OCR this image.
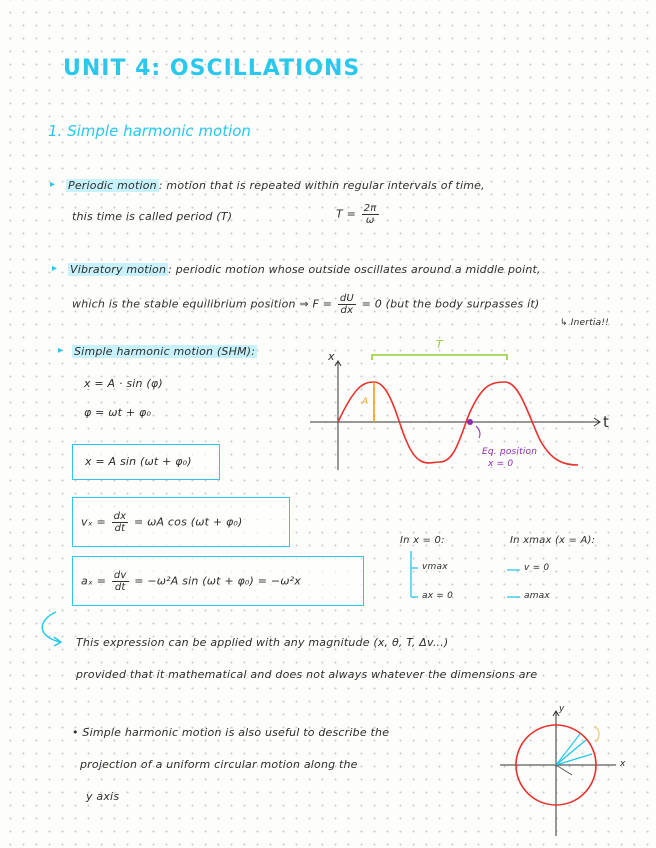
UNIT 4: OSCILLATIONS
1. Simple harmonic motion
▸ Periodic motion : motion that is repeated within regular intervals of time,
this time is called period (T)	$T = \frac{2\pi}{\omega}$
▸ Vibratory motion : periodic motion whose outside oscillates around a middle point,
which is the stable equilibrium position ⇒ $F = \frac{dU}{dx} = 0$ (but the body surpasses it)
↳ Inertia!!
▸ Simple harmonic motion (SHM):
x = A · sin (φ)
φ = ωt + φ₀
x = A sin (ωt + φ₀)
$v_x = \frac{dx}{dt} = \omega A$ cos (ωt + φ₀)
$a_x = \frac{dv}{dt} = -\omega^2A$ sin (ωt + φ₀) = −ω²x
x
t
T
A
Eq. position
x = 0
In x = 0:
vmax
ax = 0
In xmax (x = A):
v = 0
amax
This expression can be applied with any magnitude (x, θ, T, Δv...)
provided that it mathematical and does not always whatever the dimensions are
• Simple harmonic motion is also useful to describe the
projection of a uniform circular motion along the
y axis
y
x
